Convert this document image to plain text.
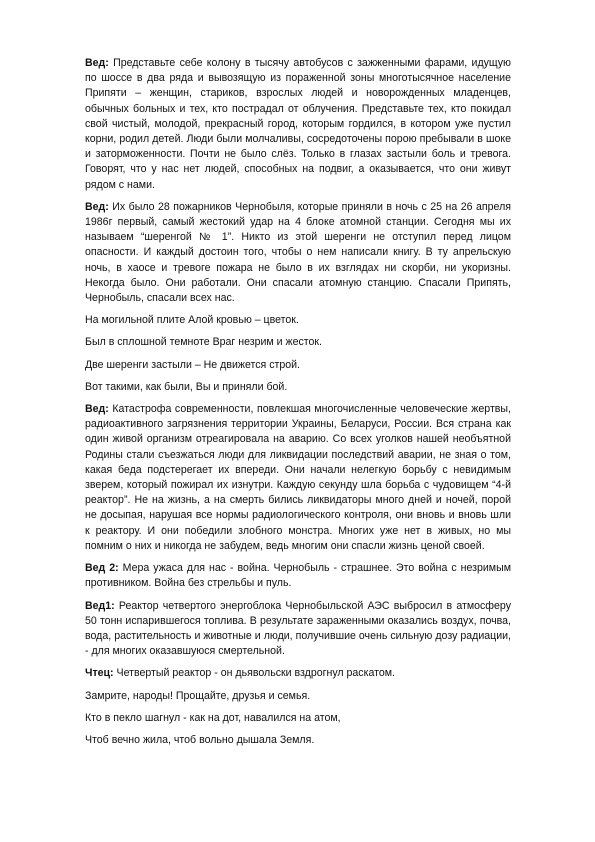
Вед: Представьте себе колону в тысячу автобусов с зажженными фарами, идущую по шоссе в два ряда и вывозящую из пораженной зоны многотысячное население Припяти – женщин, стариков, взрослых людей и новорожденных младенцев, обычных больных и тех, кто пострадал от облучения. Представьте тех, кто покидал свой чистый, молодой, прекрасный город, которым гордился, в котором уже пустил корни, родил детей. Люди были молчаливы, сосредоточены порою пребывали в шоке и заторможенности. Почти не было слёз. Только в глазах застыли боль и тревога. Говорят, что у нас нет людей, способных на подвиг, а оказывается, что они живут рядом с нами.

Вед: Их было 28 пожарников Чернобыля, которые приняли в ночь с 25 на 26 апреля 1986г первый, самый жестокий удар на 4 блоке атомной станции. Сегодня мы их называем “шеренгой № 1”. Никто из этой шеренги не отступил перед лицом опасности. И каждый достоин того, чтобы о нем написали книгу. В ту апрельскую ночь, в хаосе и тревоге пожара не было в их взглядах ни скорби, ни укоризны. Некогда было. Они работали. Они спасали атомную станцию. Спасали Припять, Чернобыль, спасали всех нас.

На могильной плите Алой кровью – цветок.

Был в сплошной темноте Враг незрим и жесток.

Две шеренги застыли – Не движется строй.

Вот такими, как были, Вы и приняли бой.

Вед: Катастрофа современности, повлекшая многочисленные человеческие жертвы, радиоактивного загрязнения территории Украины, Беларуси, России. Вся страна как один живой организм отреагировала на аварию. Со всех уголков нашей необъятной Родины стали съезжаться люди для ликвидации последствий аварии, не зная о том, какая беда подстерегает их впереди. Они начали нелегкую борьбу с невидимым зверем, который пожирал их изнутри. Каждую секунду шла борьба с чудовищем “4-й реактор”. Не на жизнь, а на смерть бились ликвидаторы много дней и ночей, порой не досыпая, нарушая все нормы радиологического контроля, они вновь и вновь шли к реактору. И они победили злобного монстра. Многих уже нет в живых, но мы помним о них и никогда не забудем, ведь многим они спасли жизнь ценой своей.

Вед 2: Мера ужаса для нас - война. Чернобыль - страшнее. Это война с незримым противником. Война без стрельбы и пуль.

Вед1: Реактор четвертого энергоблока Чернобыльской АЭС выбросил в атмосферу 50 тонн испарившегося топлива. В результате зараженными оказались воздух, почва, вода, растительность и животные и люди, получившие очень сильную дозу радиации, - для многих оказавшуюся смертельной.

Чтец: Четвертый реактор - он дьявольски вздрогнул раскатом.

Замрите, народы! Прощайте, друзья и семья.

Кто в пекло шагнул - как на дот, навалился на атом,

Чтоб вечно жила, чтоб вольно дышала Земля.
